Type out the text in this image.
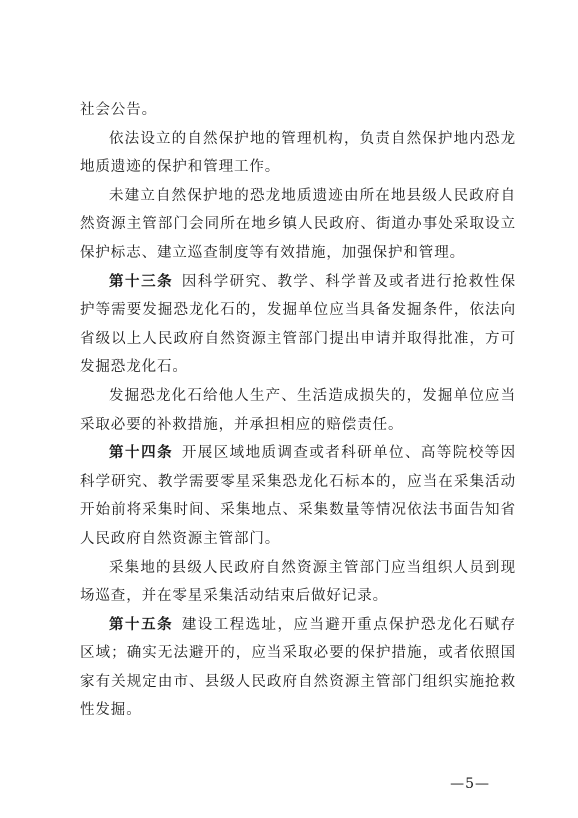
社会公告。

依法设立的自然保护地的管理机构，负责自然保护地内恐龙地质遗迹的保护和管理工作。

未建立自然保护地的恐龙地质遗迹由所在地县级人民政府自然资源主管部门会同所在地乡镇人民政府、街道办事处采取设立保护标志、建立巡查制度等有效措施，加强保护和管理。

第十三条 因科学研究、教学、科学普及或者进行抢救性保护等需要发掘恐龙化石的，发掘单位应当具备发掘条件，依法向省级以上人民政府自然资源主管部门提出申请并取得批准，方可发掘恐龙化石。

发掘恐龙化石给他人生产、生活造成损失的，发掘单位应当采取必要的补救措施，并承担相应的赔偿责任。

第十四条 开展区域地质调查或者科研单位、高等院校等因科学研究、教学需要零星采集恐龙化石标本的，应当在采集活动开始前将采集时间、采集地点、采集数量等情况依法书面告知省人民政府自然资源主管部门。

采集地的县级人民政府自然资源主管部门应当组织人员到现场巡查，并在零星采集活动结束后做好记录。

第十五条 建设工程选址，应当避开重点保护恐龙化石赋存区域；确实无法避开的，应当采取必要的保护措施，或者依照国家有关规定由市、县级人民政府自然资源主管部门组织实施抢救性发掘。

—5—
